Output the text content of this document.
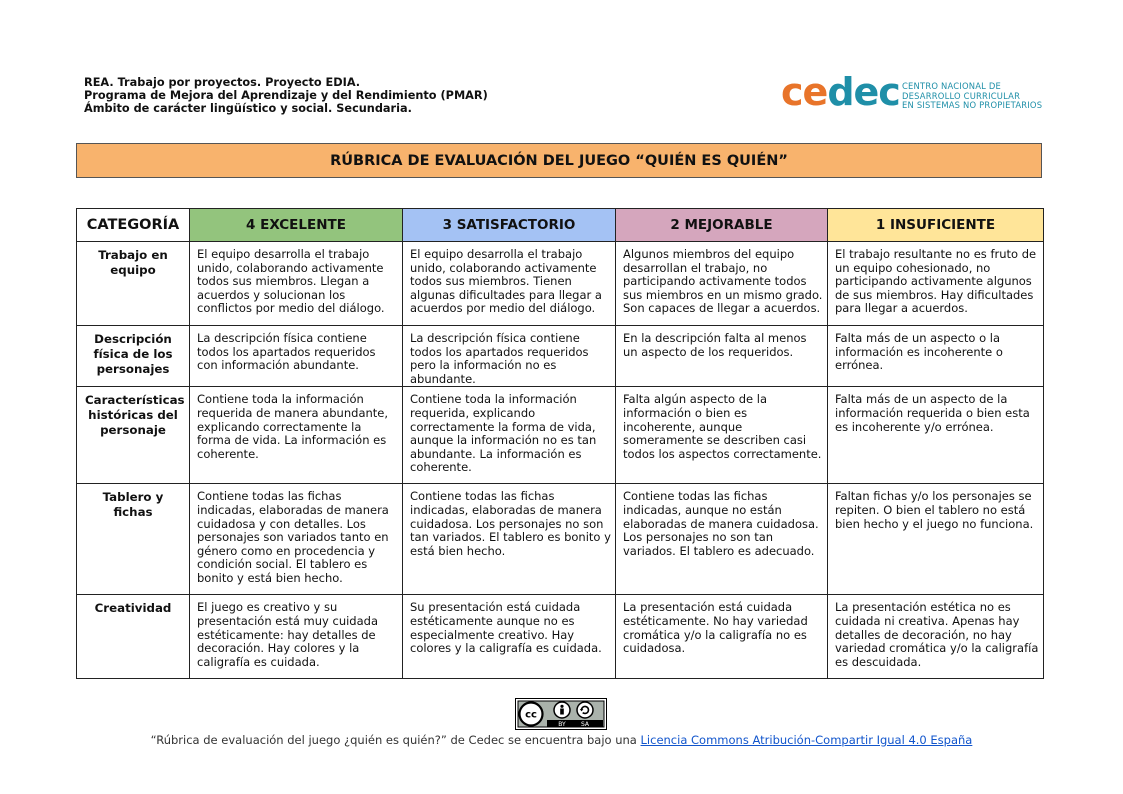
REA. Trabajo por proyectos. Proyecto EDIA.
Programa de Mejora del Aprendizaje y del Rendimiento (PMAR)
Ámbito de carácter lingüístico y social. Secundaria.	cedec CENTRO NACIONAL DE
DESARROLLO CURRICULAR
EN SISTEMAS NO PROPIETARIOS
RÚBRICA DE EVALUACIÓN DEL JUEGO “QUIÉN ES QUIÉN”
CATEGORÍA	4 EXCELENTE	3 SATISFACTORIO	2 MEJORABLE	1 INSUFICIENTE
Trabajo en equipo	El equipo desarrolla el trabajo unido, colaborando activamente todos sus miembros. Llegan a acuerdos y solucionan los conflictos por medio del diálogo.	El equipo desarrolla el trabajo unido, colaborando activamente todos sus miembros. Tienen algunas dificultades para llegar a acuerdos por medio del diálogo.	Algunos miembros del equipo desarrollan el trabajo, no participando activamente todos sus miembros en un mismo grado. Son capaces de llegar a acuerdos.	El trabajo resultante no es fruto de un equipo cohesionado, no participando activamente algunos de sus miembros. Hay dificultades para llegar a acuerdos.
Descripción física de los personajes	La descripción física contiene todos los apartados requeridos con información abundante.	La descripción física contiene todos los apartados requeridos pero la información no es abundante.	En la descripción falta al menos un aspecto de los requeridos.	Falta más de un aspecto o la información es incoherente o errónea.
Características históricas del personaje	Contiene toda la información requerida de manera abundante, explicando correctamente la forma de vida. La información es coherente.	Contiene toda la información requerida, explicando correctamente la forma de vida, aunque la información no es tan abundante. La información es coherente.	Falta algún aspecto de la información o bien es incoherente, aunque someramente se describen casi todos los aspectos correctamente.	Falta más de un aspecto de la información requerida o bien esta es incoherente y/o errónea.
Tablero y fichas	Contiene todas las fichas indicadas, elaboradas de manera cuidadosa y con detalles. Los personajes son variados tanto en género como en procedencia y condición social. El tablero es bonito y está bien hecho.	Contiene todas las fichas indicadas, elaboradas de manera cuidadosa. Los personajes no son tan variados. El tablero es bonito y está bien hecho.	Contiene todas las fichas indicadas, aunque no están elaboradas de manera cuidadosa. Los personajes no son tan variados. El tablero es adecuado.	Faltan fichas y/o los personajes se repiten. O bien el tablero no está bien hecho y el juego no funciona.
Creatividad	El juego es creativo y su presentación está muy cuidada estéticamente: hay detalles de decoración. Hay colores y la caligrafía es cuidada.	Su presentación está cuidada estéticamente aunque no es especialmente creativo. Hay colores y la caligrafía es cuidada.	La presentación está cuidada estéticamente. No hay variedad cromática y/o la caligrafía no es cuidadosa.	La presentación estética no es cuidada ni creativa. Apenas hay detalles de decoración, no hay variedad cromática y/o la caligrafía es descuidada.
cc
BY	SA
“Rúbrica de evaluación del juego ¿quién es quién?” de Cedec se encuentra bajo una Licencia Commons Atribución-Compartir Igual 4.0 España
